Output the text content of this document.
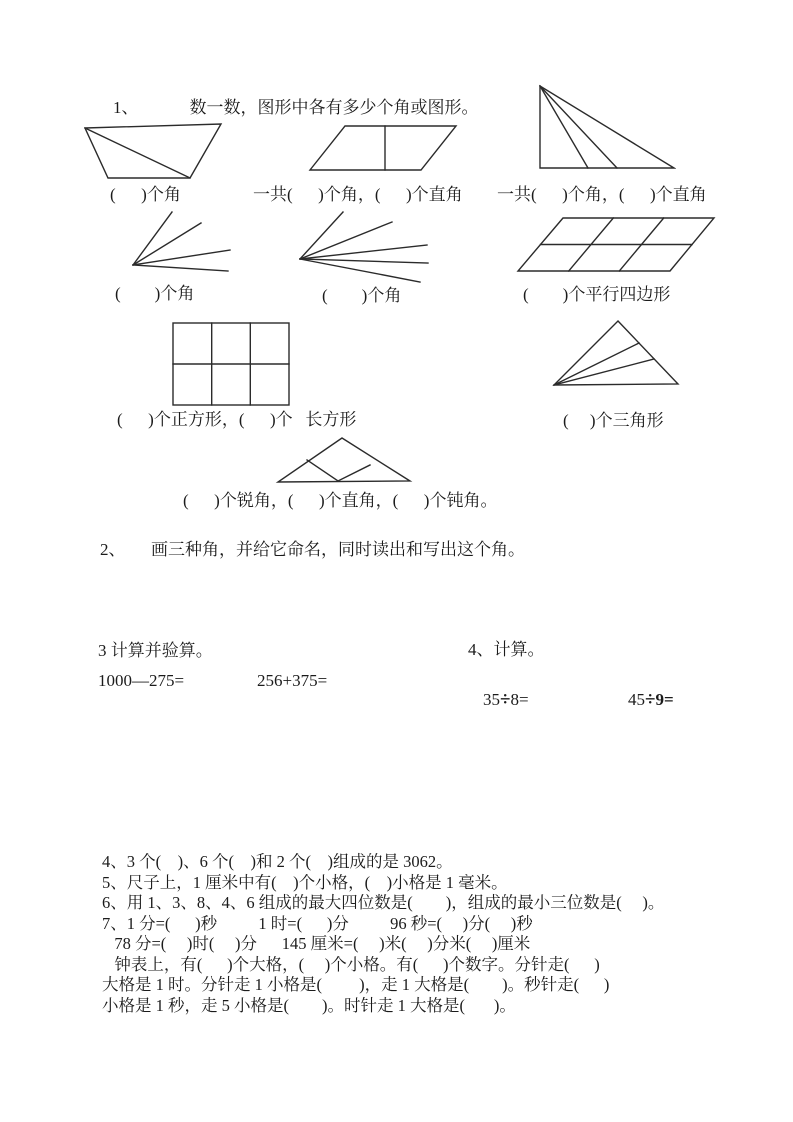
1、            数一数，图形中各有多少个角或图形。
(      )个角	一共(      )个角，(      )个直角 一共(      )个角，(      )个直角
(        )个角	(        )个角	(        )个平行四边形
(      )个正方形，(      )个   长方形	(     )个三角形
(      )个锐角，(      )个直角，(      )个钝角。
2、      画三种角，并给它命名，同时读出和写出这个角。
3 计算并验算。	4、计算。
1000—275=	256+375=

35÷8=
	45÷9=

4、3 个(    )、6 个(    )和 2 个(    )组成的是 3062。
5、尺子上，1 厘米中有(    )个小格，(    )小格是 1 毫米。
6、用 1、3、8、4、6 组成的最大四位数是(        )，组成的最小三位数是(     )。
7、1 分=(      )秒          1 时=(      )分          96 秒=(     )分(     )秒
78 分=(     )时(     )分      145 厘米=(     )米(     )分米(     )厘米
钟表上，有(      )个大格，(     )个小格。有(      )个数字。分针走(      )
大格是 1 时。分针走 1 小格是(         )，走 1 大格是(        )。秒针走(      )
小格是 1 秒，走 5 小格是(        )。时针走 1 大格是(       )。
